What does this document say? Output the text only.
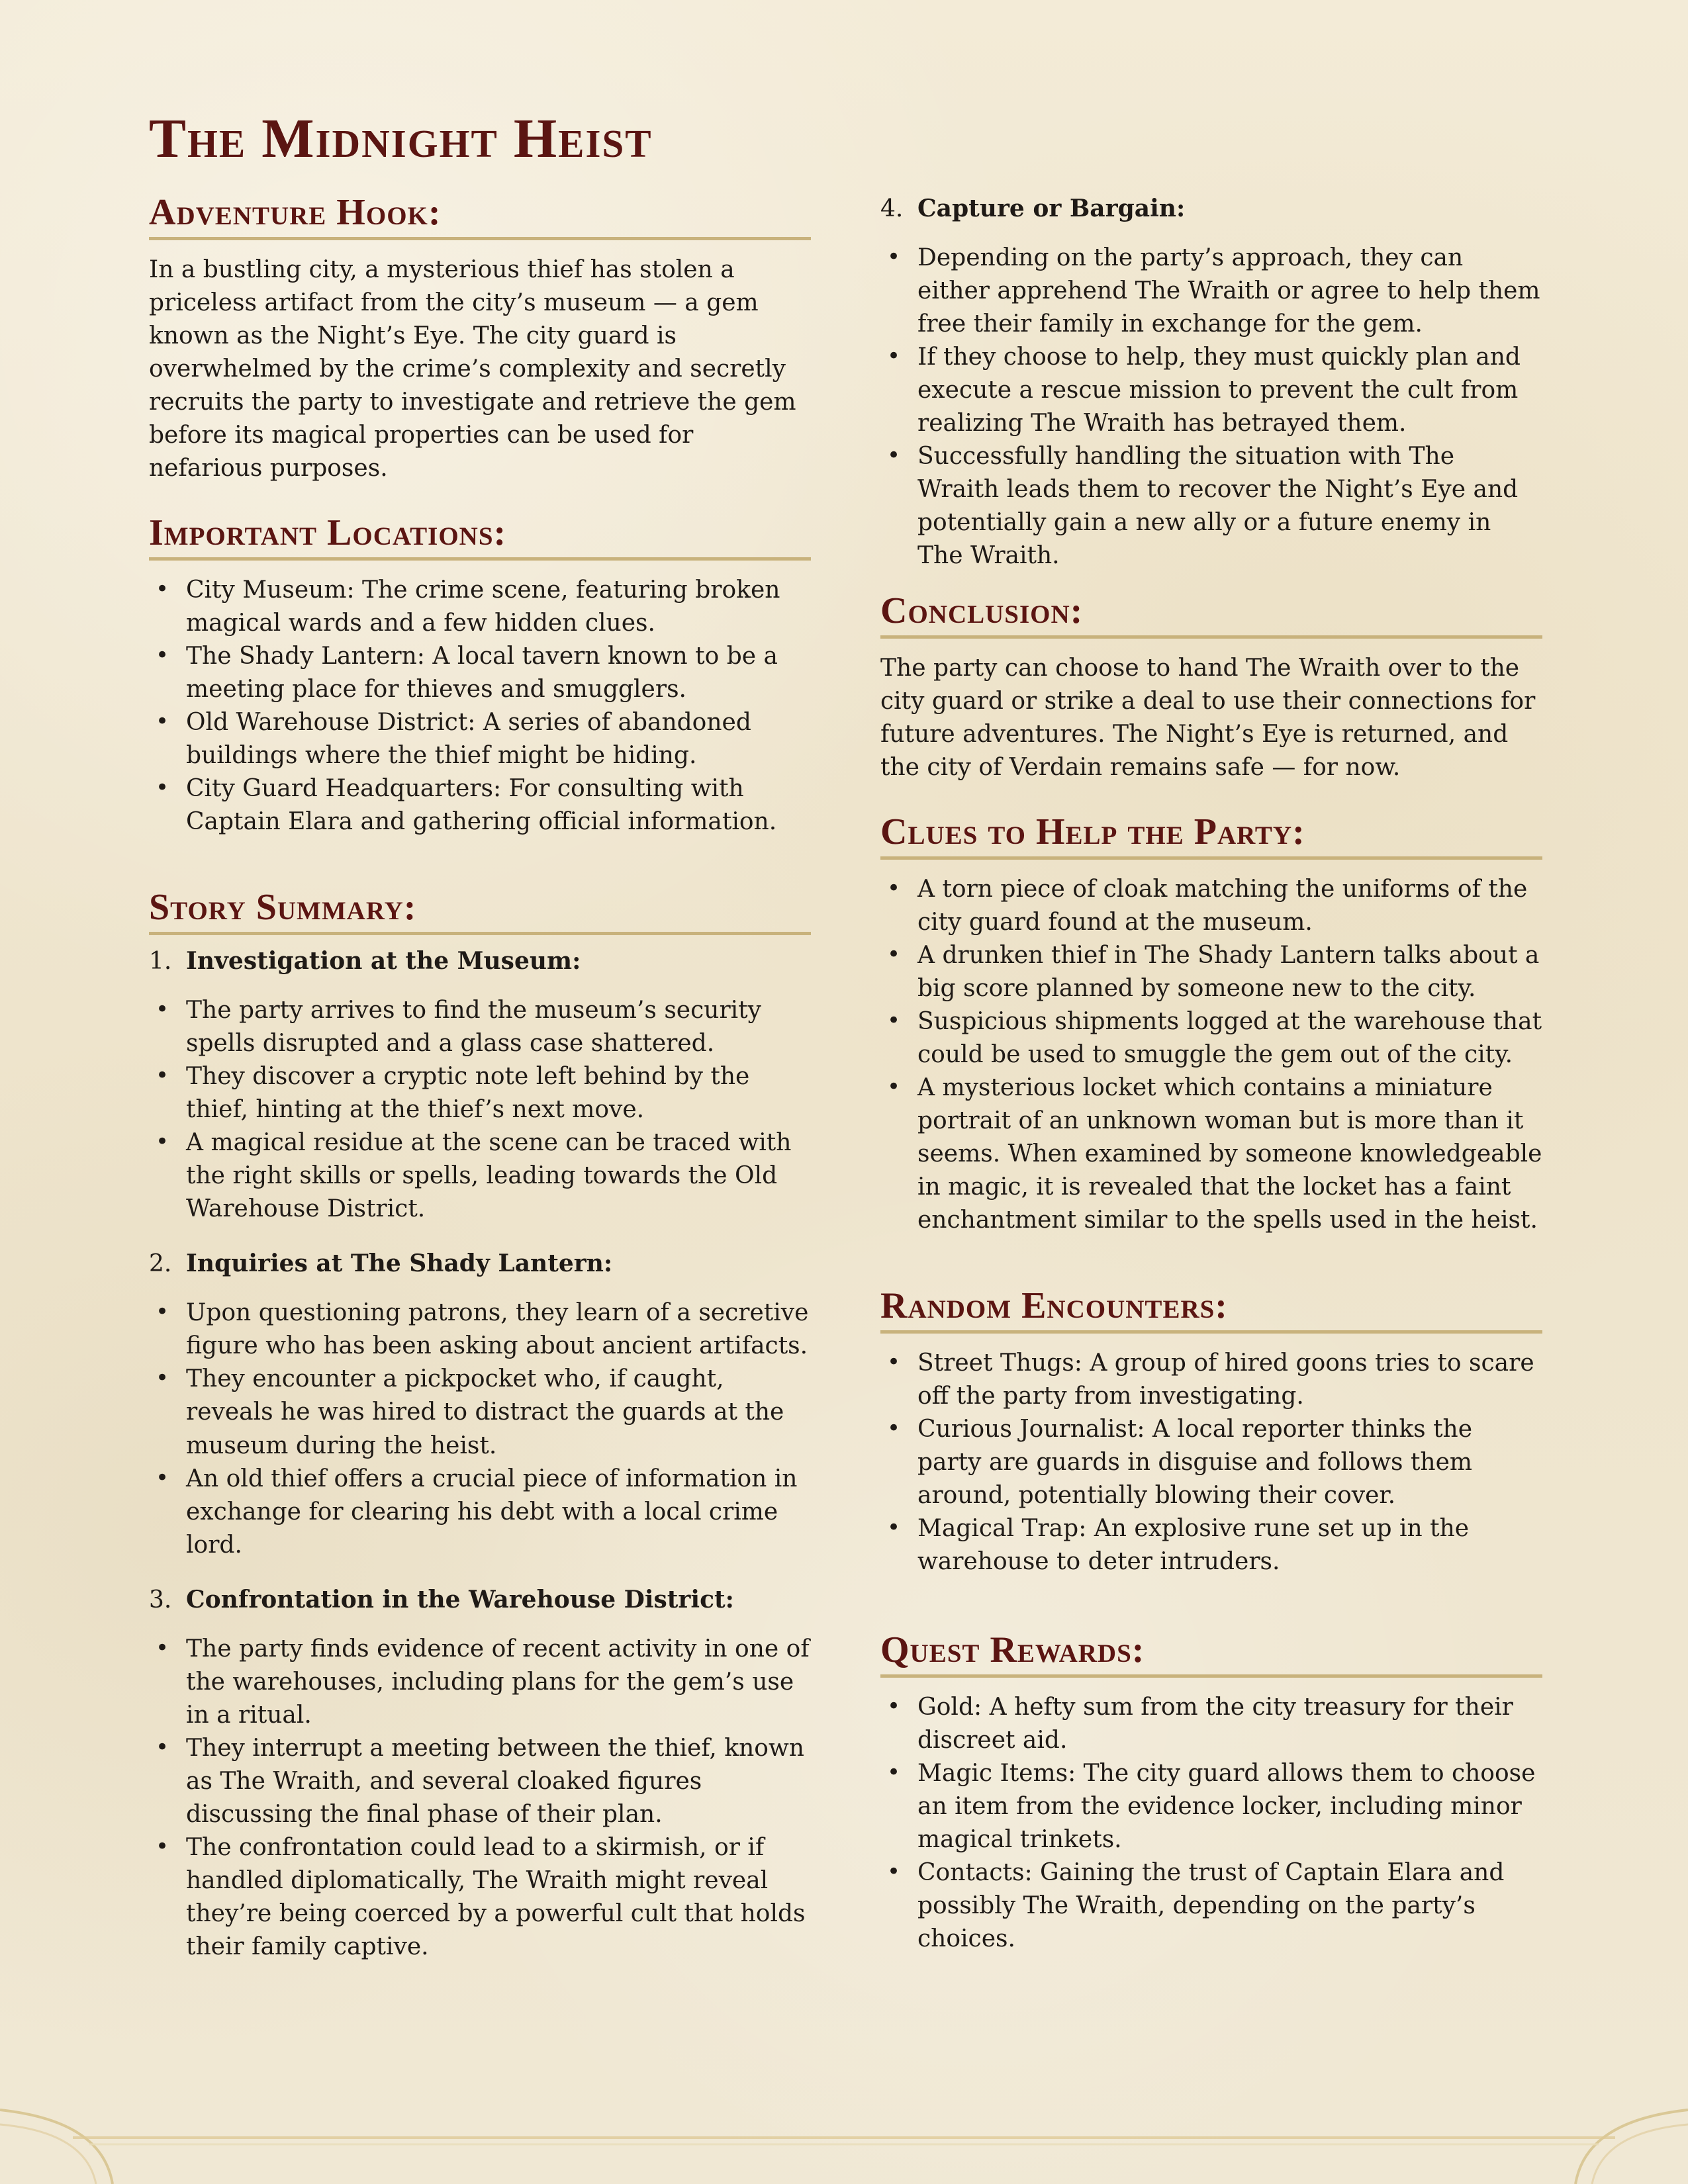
The Midnight Heist
Adventure Hook:

In a bustling city, a mysterious thief has stolen a priceless artifact from the city’s museum — a gem known as the Night’s Eye. The city guard is overwhelmed by the crime’s complexity and secretly recruits the party to investigate and retrieve the gem before its magical properties can be used for nefarious purposes.

Important Locations:
• City Museum: The crime scene, featuring broken magical wards and a few hidden clues.
• The Shady Lantern: A local tavern known to be a meeting place for thieves and smugglers.
• Old Warehouse District: A series of abandoned buildings where the thief might be hiding.
• City Guard Headquarters: For consulting with Captain Elara and gathering official information.
Story Summary:
1. Investigation at the Museum:
• The party arrives to find the museum’s security spells disrupted and a glass case shattered.
• They discover a cryptic note left behind by the thief, hinting at the thief’s next move.
• A magical residue at the scene can be traced with the right skills or spells, leading towards the Old Warehouse District.
2. Inquiries at The Shady Lantern:
• Upon questioning patrons, they learn of a secretive figure who has been asking about ancient artifacts.
• They encounter a pickpocket who, if caught, reveals he was hired to distract the guards at the museum during the heist.
• An old thief offers a crucial piece of information in exchange for clearing his debt with a local crime lord.
3. Confrontation in the Warehouse District:
• The party finds evidence of recent activity in one of the warehouses, including plans for the gem’s use in a ritual.
• They interrupt a meeting between the thief, known as The Wraith, and several cloaked figures discussing the final phase of their plan.
• The confrontation could lead to a skirmish, or if handled diplomatically, The Wraith might reveal they’re being coerced by a powerful cult that holds their family captive.
4. Capture or Bargain:
• Depending on the party’s approach, they can either apprehend The Wraith or agree to help them free their family in exchange for the gem.
• If they choose to help, they must quickly plan and execute a rescue mission to prevent the cult from realizing The Wraith has betrayed them.
• Successfully handling the situation with The Wraith leads them to recover the Night’s Eye and potentially gain a new ally or a future enemy in The Wraith.
Conclusion:

The party can choose to hand The Wraith over to the city guard or strike a deal to use their connections for future adventures. The Night’s Eye is returned, and the city of Verdain remains safe — for now.

Clues to Help the Party:
• A torn piece of cloak matching the uniforms of the city guard found at the museum.
• A drunken thief in The Shady Lantern talks about a big score planned by someone new to the city.
• Suspicious shipments logged at the warehouse that could be used to smuggle the gem out of the city.
• A mysterious locket which contains a miniature portrait of an unknown woman but is more than it seems. When examined by someone knowledgeable in magic, it is revealed that the locket has a faint enchantment similar to the spells used in the heist.
Random Encounters:
• Street Thugs: A group of hired goons tries to scare off the party from investigating.
• Curious Journalist: A local reporter thinks the party are guards in disguise and follows them around, potentially blowing their cover.
• Magical Trap: An explosive rune set up in the warehouse to deter intruders.
Quest Rewards:
• Gold: A hefty sum from the city treasury for their discreet aid.
• Magic Items: The city guard allows them to choose an item from the evidence locker, including minor magical trinkets.
• Contacts: Gaining the trust of Captain Elara and possibly The Wraith, depending on the party’s choices.
